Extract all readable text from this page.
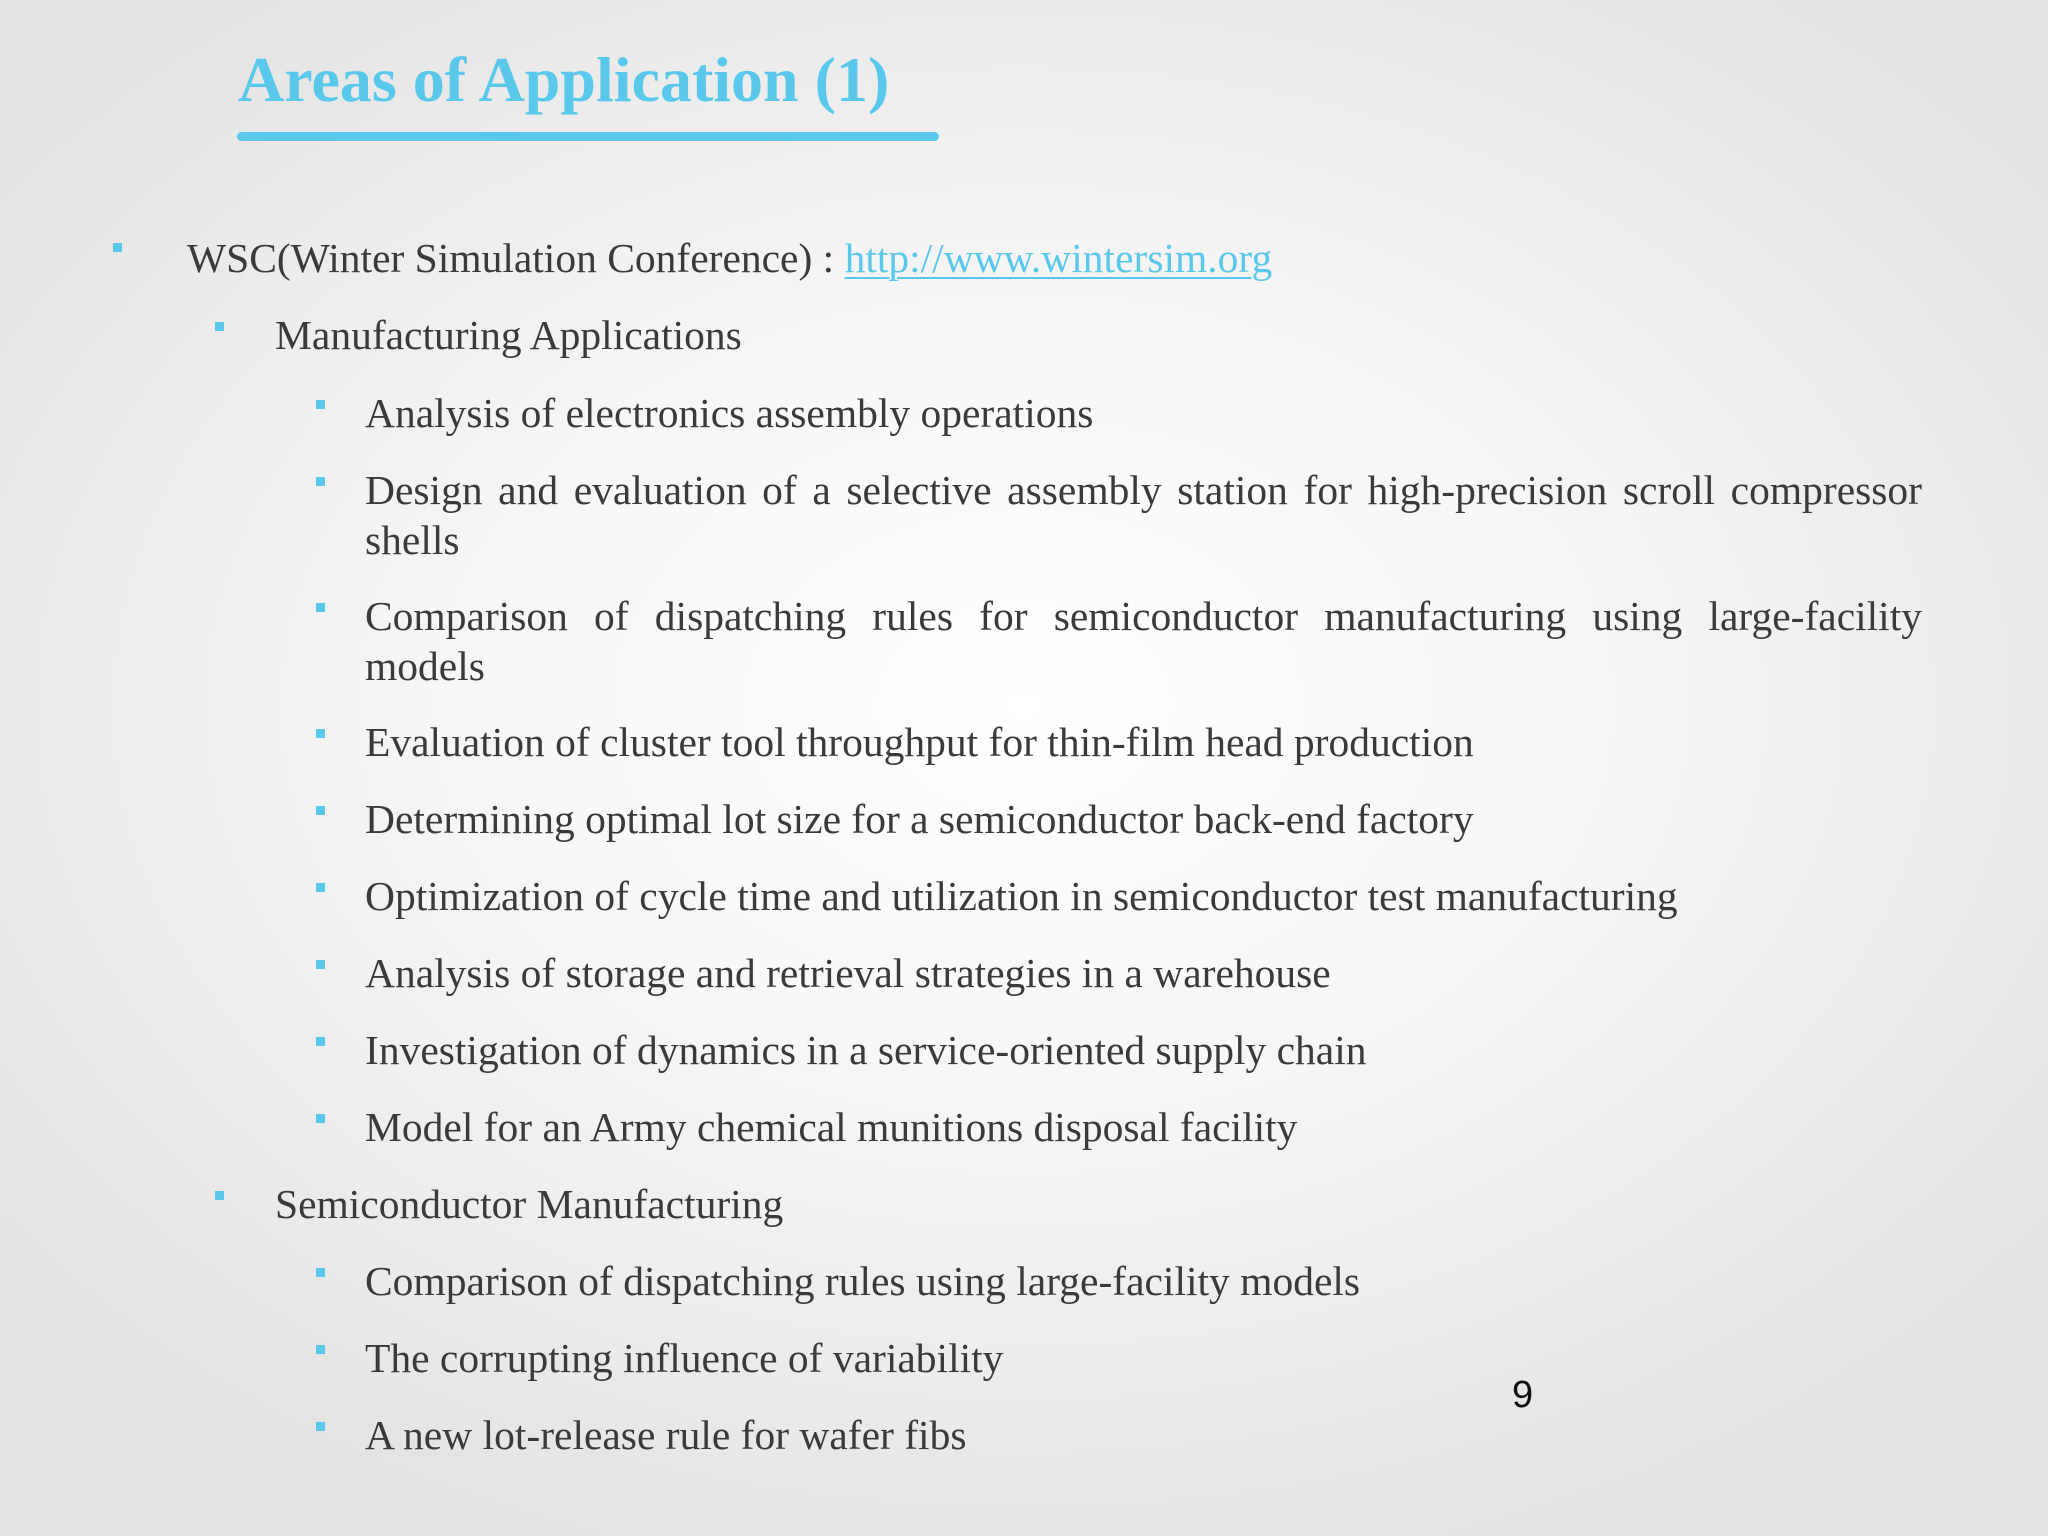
Areas of Application (1)
WSC(Winter Simulation Conference) : http://www.wintersim.org
Manufacturing Applications
Analysis of electronics assembly operations
Design and evaluation of a selective assembly station for high-precision scroll compressor shells
Comparison of dispatching rules for semiconductor manufacturing using large-facility models
Evaluation of cluster tool throughput for thin-film head production
Determining optimal lot size for a semiconductor back-end factory
Optimization of cycle time and utilization in semiconductor test manufacturing
Analysis of storage and retrieval strategies in a warehouse
Investigation of dynamics in a service-oriented supply chain
Model for an Army chemical munitions disposal facility
Semiconductor Manufacturing
Comparison of dispatching rules using large-facility models
The corrupting influence of variability
A new lot-release rule for wafer fibs
9
